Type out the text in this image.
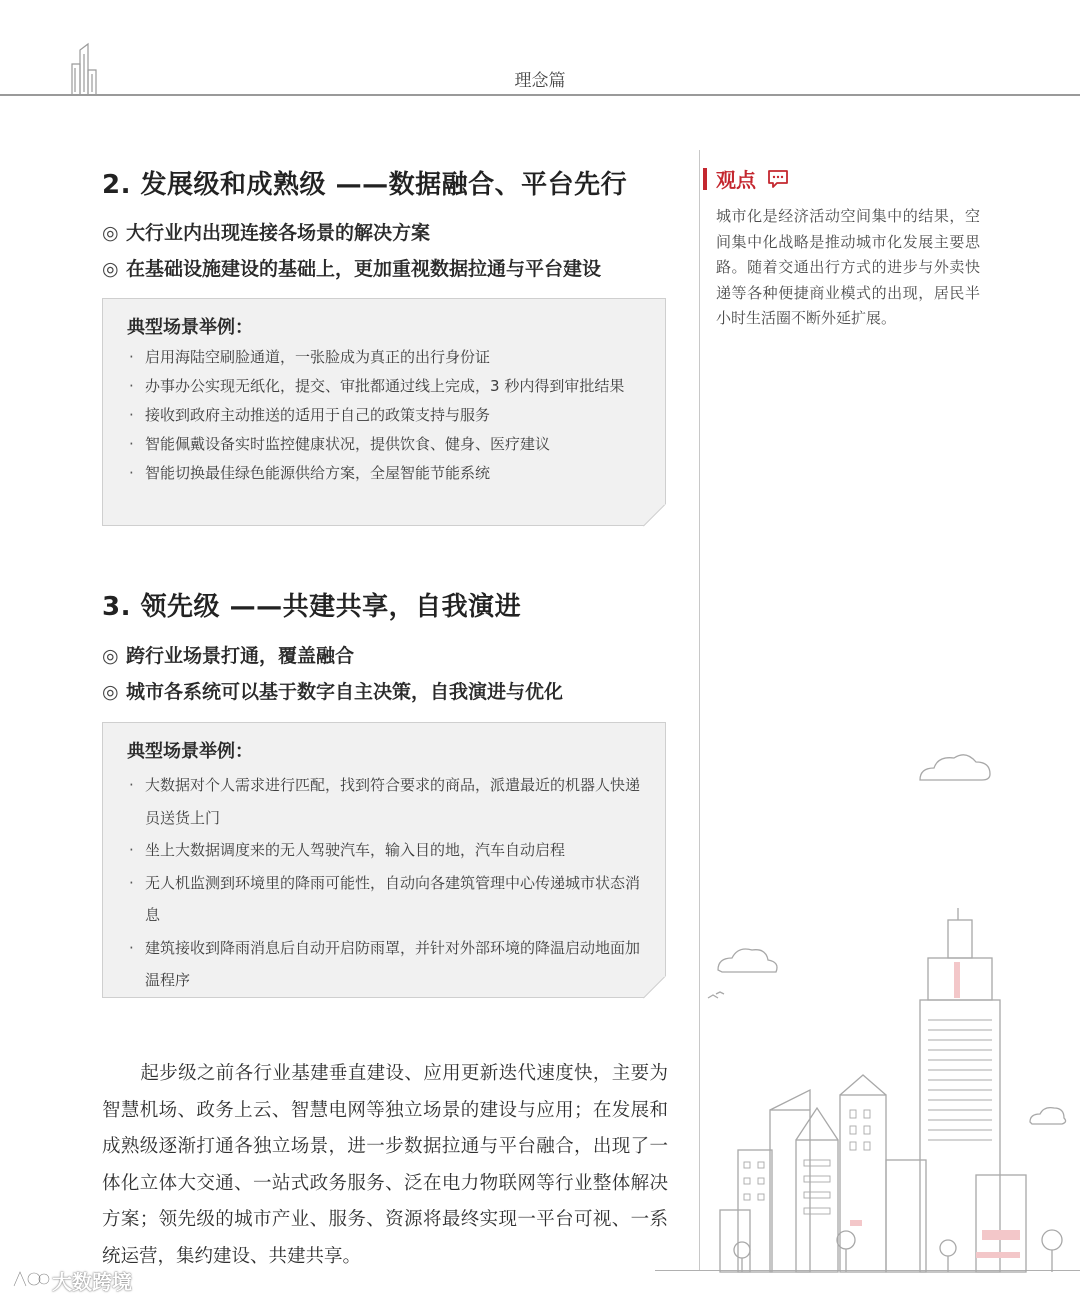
理念篇
2. 发展级和成熟级 ——数据融合、平台先行
◎ 大行业内出现连接各场景的解决方案
◎ 在基础设施建设的基础上，更加重视数据拉通与平台建设
典型场景举例：
· 启用海陆空刷脸通道，一张脸成为真正的出行身份证
· 办事办公实现无纸化，提交、审批都通过线上完成，3 秒内得到审批结果
· 接收到政府主动推送的适用于自己的政策支持与服务
· 智能佩戴设备实时监控健康状况，提供饮食、健身、医疗建议
· 智能切换最佳绿色能源供给方案，全屋智能节能系统
3. 领先级 ——共建共享，自我演进
◎ 跨行业场景打通，覆盖融合
◎ 城市各系统可以基于数字自主决策，自我演进与优化
典型场景举例：
· 大数据对个人需求进行匹配，找到符合要求的商品，派遣最近的机器人快递员送货上门
· 坐上大数据调度来的无人驾驶汽车，输入目的地，汽车自动启程
· 无人机监测到环境里的降雨可能性，自动向各建筑管理中心传递城市状态消息
· 建筑接收到降雨消息后自动开启防雨罩，并针对外部环境的降温启动地面加温程序
起步级之前各行业基建垂直建设、应用更新迭代速度快，主要为智慧机场、政务上云、智慧电网等独立场景的建设与应用；在发展和成熟级逐渐打通各独立场景，进一步数据拉通与平台融合，出现了一体化立体大交通、一站式政务服务、泛在电力物联网等行业整体解决方案；领先级的城市产业、服务、资源将最终实现一平台可视、一系统运营，集约建设、共建共享。
观点
城市化是经济活动空间集中的结果，空间集中化战略是推动城市化发展主要思路。随着交通出行方式的进步与外卖快递等各种便捷商业模式的出现，居民半小时生活圈不断外延扩展。
大数跨境
